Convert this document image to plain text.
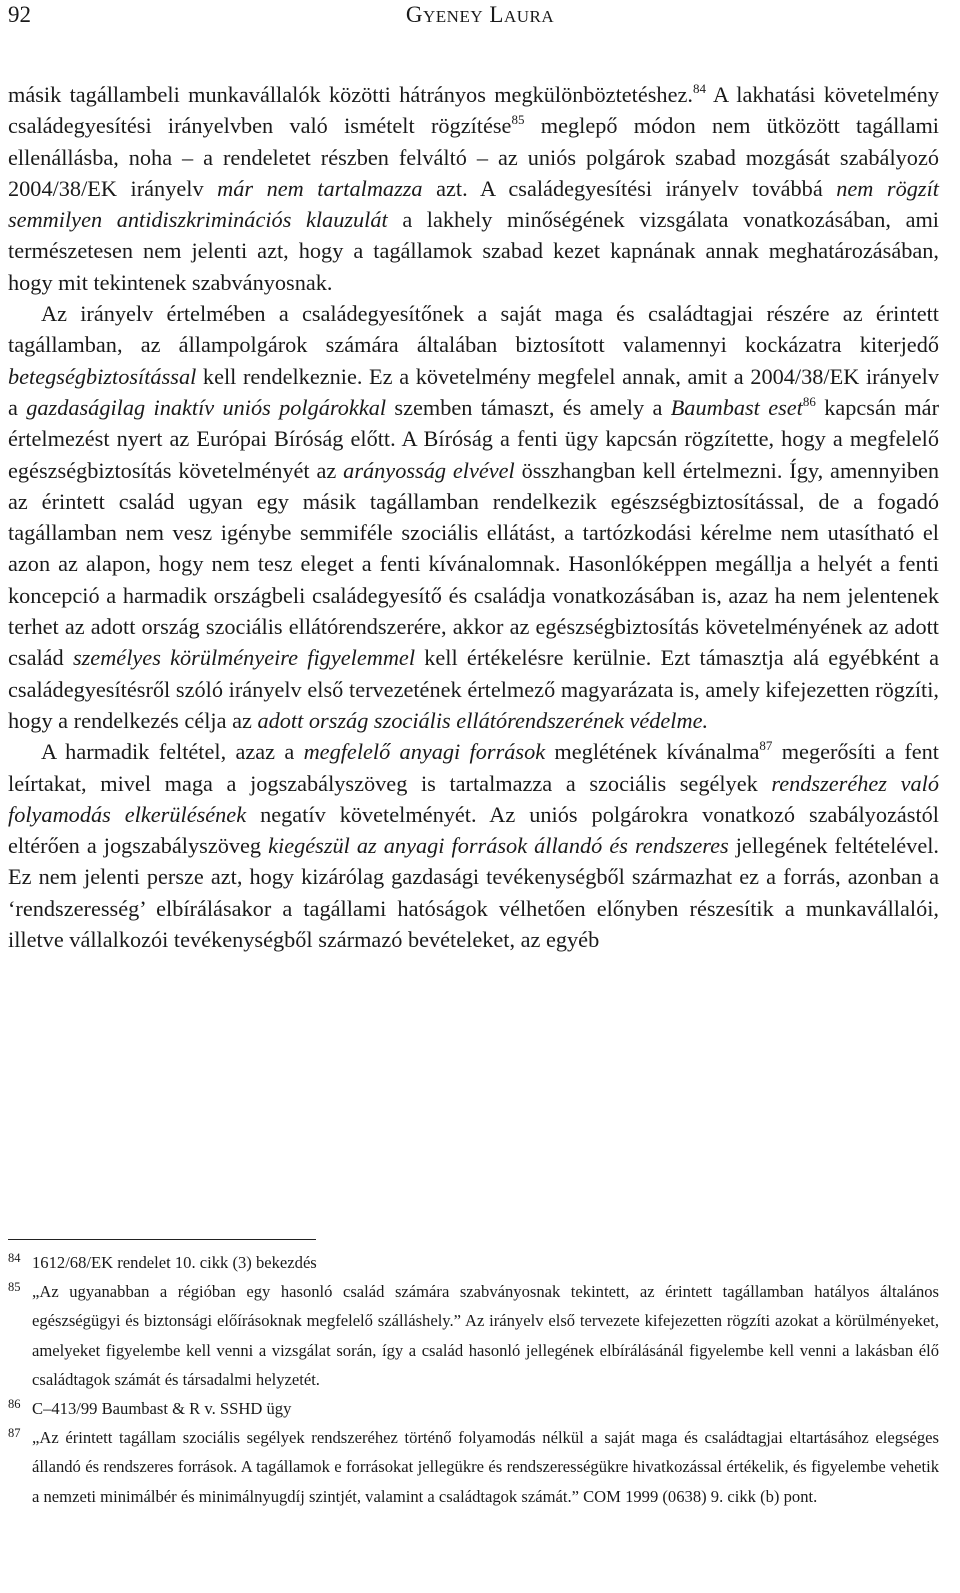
92	GYENEY LAURA

másik tagállambeli munkavállalók közötti hátrányos megkülönböztetéshez.$^{84}$ A lakhatási követelmény családegyesítési irányelvben való ismételt rögzítése$^{85}$ meglepő módon nem ütközött tagállami ellenállásba, noha – a rendeletet részben felváltó – az uniós polgárok szabad mozgását szabályozó 2004/38/EK irányelv már nem tartalmazza azt. A családegyesítési irányelv továbbá nem rögzít semmilyen antidiszkriminációs klauzulát a lakhely minőségének vizsgálata vonatkozásában, ami természetesen nem jelenti azt, hogy a tagállamok szabad kezet kapnának annak meghatározásában, hogy mit tekintenek szabványosnak.

Az irányelv értelmében a családegyesítőnek a saját maga és családtagjai részére az érintett tagállamban, az állampolgárok számára általában biztosított valamennyi kockázatra kiterjedő betegségbiztosítással kell rendelkeznie. Ez a követelmény megfelel annak, amit a 2004/38/EK irányelv a gazdaságilag inaktív uniós polgárokkal szemben támaszt, és amely a Baumbast eset$^{86}$ kapcsán már értelmezést nyert az Európai Bíróság előtt. A Bíróság a fenti ügy kapcsán rögzítette, hogy a megfelelő egészségbiztosítás követelményét az arányosság elvével összhangban kell értelmezni. Így, amennyiben az érintett család ugyan egy másik tagállamban rendelkezik egészségbiztosítással, de a fogadó tagállamban nem vesz igénybe semmiféle szociális ellátást, a tartózkodási kérelme nem utasítható el azon az alapon, hogy nem tesz eleget a fenti kívánalomnak. Hasonlóképpen megállja a helyét a fenti koncepció a harmadik országbeli családegyesítő és családja vonatkozásában is, azaz ha nem jelentenek terhet az adott ország szociális ellátórendszerére, akkor az egészségbiztosítás követelményének az adott család személyes körülményeire figyelemmel kell értékelésre kerülnie. Ezt támasztja alá egyébként a családegyesítésről szóló irányelv első tervezetének értelmező magyarázata is, amely kifejezetten rögzíti, hogy a rendelkezés célja az adott ország szociális ellátórendszerének védelme.

A harmadik feltétel, azaz a megfelelő anyagi források meglétének kívánalma$^{87}$ megerősíti a fent leírtakat, mivel maga a jogszabályszöveg is tartalmazza a szociális segélyek rendszeréhez való folyamodás elkerülésének negatív követelményét. Az uniós polgárokra vonatkozó szabályozástól eltérően a jogszabályszöveg kiegészül az anyagi források állandó és rendszeres jellegének feltételével. Ez nem jelenti persze azt, hogy kizárólag gazdasági tevékenységből származhat ez a forrás, azonban a ‘rendszeresség’ elbírálásakor a tagállami hatóságok vélhetően előnyben részesítik a munkavállalói, illetve vállalkozói tevékenységből származó bevételeket, az egyéb

84 1612/68/EK rendelet 10. cikk (3) bekezdés

85 „Az ugyanabban a régióban egy hasonló család számára szabványosnak tekintett, az érintett tagállamban hatályos általános egészségügyi és biztonsági előírásoknak megfelelő szálláshely.” Az irányelv első tervezete kifejezetten rögzíti azokat a körülményeket, amelyeket figyelembe kell venni a vizsgálat során, így a család hasonló jellegének elbírálásánál figyelembe kell venni a lakásban élő családtagok számát és társadalmi helyzetét.

86 C–413/99 Baumbast & R v. SSHD ügy

87 „Az érintett tagállam szociális segélyek rendszeréhez történő folyamodás nélkül a saját maga és családtagjai eltartásához elegséges állandó és rendszeres források. A tagállamok e forrásokat jellegükre és rendszerességükre hivatkozással értékelik, és figyelembe vehetik a nemzeti minimálbér és minimálnyugdíj szintjét, valamint a családtagok számát.” COM 1999 (0638) 9. cikk (b) pont.
